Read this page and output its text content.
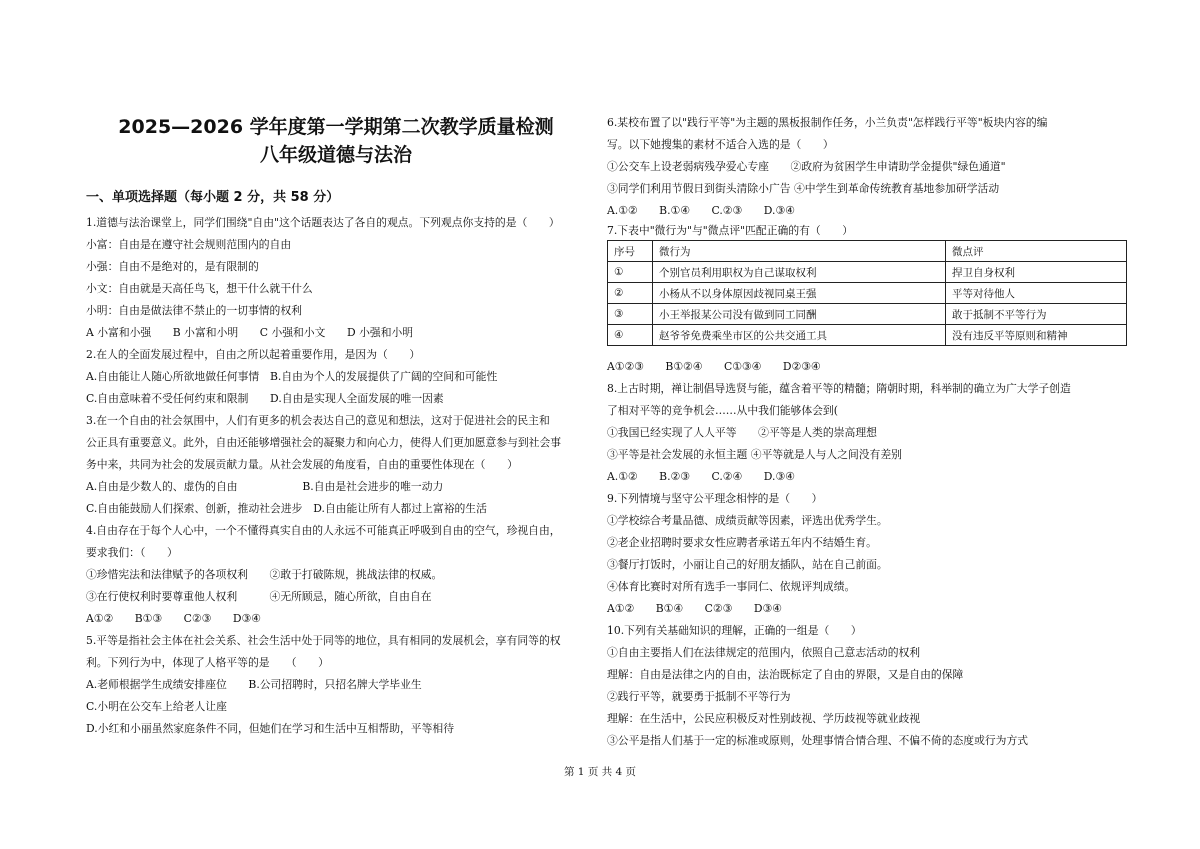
2025—2026 学年度第一学期第二次教学质量检测
八年级道德与法治
一、单项选择题（每小题 2 分，共 58 分）
1.道德与法治课堂上，同学们围绕"自由"这个话题表达了各自的观点。下列观点你支持的是（　　）
小富：自由是在遵守社会规则范围内的自由
小强：自由不是绝对的，是有限制的
小文：自由就是天高任鸟飞，想干什么就干什么
小明：自由是做法律不禁止的一切事情的权利
A 小富和小强　　B 小富和小明　　C 小强和小文　　D 小强和小明
2.在人的全面发展过程中，自由之所以起着重要作用，是因为（　　）
A.自由能让人随心所欲地做任何事情　B.自由为个人的发展提供了广阔的空间和可能性
C.自由意味着不受任何约束和限制　　D.自由是实现人全面发展的唯一因素
3.在一个自由的社会氛围中，人们有更多的机会表达自己的意见和想法，这对于促进社会的民主和
公正具有重要意义。此外，自由还能够增强社会的凝聚力和向心力，使得人们更加愿意参与到社会事
务中来，共同为社会的发展贡献力量。从社会发展的角度看，自由的重要性体现在（　　）
A.自由是少数人的、虚伪的自由　　　　　　B.自由是社会进步的唯一动力
C.自由能鼓励人们探索、创新，推动社会进步　D.自由能让所有人都过上富裕的生活
4.自由存在于每个人心中，一个不懂得真实自由的人永远不可能真正呼吸到自由的空气，珍视自由，
要求我们：（　　）
①珍惜宪法和法律赋予的各项权利　　②敢于打破陈规，挑战法律的权威。
③在行使权利时要尊重他人权利　　　④无所顾忌，随心所欲，自由自在
A①②　　B①③　　C②③　　D③④
5.平等是指社会主体在社会关系、社会生活中处于同等的地位，具有相同的发展机会，享有同等的权
利。下列行为中，体现了人格平等的是　　（　　）
A.老师根据学生成绩安排座位　　B.公司招聘时，只招名牌大学毕业生
C.小明在公交车上给老人让座
D.小红和小丽虽然家庭条件不同，但她们在学习和生活中互相帮助，平等相待
6.某校布置了以"践行平等"为主题的黑板报制作任务，小兰负责"怎样践行平等"板块内容的编
写。以下她搜集的素材不适合入选的是（　　）
①公交车上设老弱病残孕爱心专座　　②政府为贫困学生申请助学金提供"绿色通道"
③同学们利用节假日到街头清除小广告 ④中学生到革命传统教育基地参加研学活动
A.①②　　B.①④　　C.②③　　D.③④
7.下表中"微行为"与"微点评"匹配正确的有（　　）
A①②③　　B①②④　　C①③④　　D②③④
8.上古时期，禅让制倡导选贤与能，蕴含着平等的精髓；隋朝时期，科举制的确立为广大学子创造
了相对平等的竞争机会……从中我们能够体会到(
①我国已经实现了人人平等　　②平等是人类的崇高理想
③平等是社会发展的永恒主题 ④平等就是人与人之间没有差别
A.①②　　B.②③　　C.②④　　D.③④
9.下列情境与坚守公平理念相悖的是（　　）
①学校综合考量品德、成绩贡献等因素，评选出优秀学生。
②老企业招聘时要求女性应聘者承诺五年内不结婚生育。
③餐厅打饭时，小丽让自己的好朋友插队，站在自己前面。
④体育比赛时对所有选手一事同仁、依规评判成绩。
A①②　　B①④　　C②③　　D③④
10.下列有关基础知识的理解，正确的一组是（　　）
①自由主要指人们在法律规定的范围内，依照自己意志活动的权利
理解：自由是法律之内的自由，法治既标定了自由的界限，又是自由的保障
②践行平等，就要勇于抵制不平等行为
理解：在生活中，公民应积极反对性别歧视、学历歧视等就业歧视
③公平是指人们基于一定的标准或原则，处理事情合情合理、不偏不倚的态度或行为方式
序号	微行为	微点评
①	个别官员利用职权为自己谋取权利	捍卫自身权利
②	小杨从不以身体原因歧视同桌王强	平等对待他人
③	小王举报某公司没有做到同工同酬	敢于抵制不平等行为
④	赵爷爷免费乘坐市区的公共交通工具	没有违反平等原则和精神
第 1 页 共 4 页
